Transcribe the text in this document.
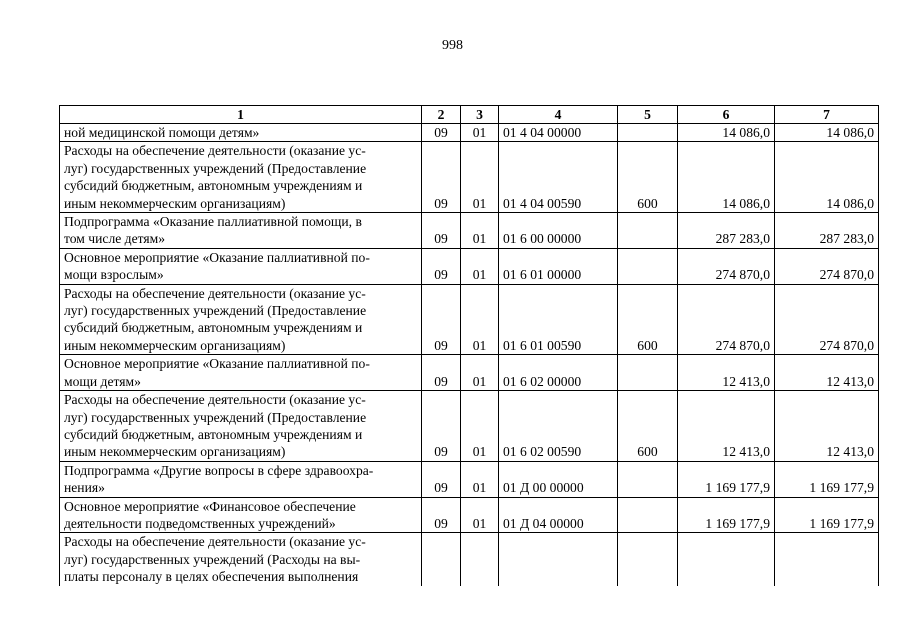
998
1	2	3	4	5	6	7

ной медицинской помощи детям»	09	01	01 4 04 00000		14 086,0	14 086,0

Расходы на обеспечение деятельности (оказание ус-
луг) государственных учреждений (Предоставление
субсидий бюджетным, автономным учреждениям и
иным некоммерческим организациям)	09	01	01 4 04 00590	600	14 086,0	14 086,0

Подпрограмма «Оказание паллиативной помощи, в
том числе детям»	09	01	01 6 00 00000		287 283,0	287 283,0

Основное мероприятие «Оказание паллиативной по-
мощи взрослым»	09	01	01 6 01 00000		274 870,0	274 870,0

Расходы на обеспечение деятельности (оказание ус-
луг) государственных учреждений (Предоставление
субсидий бюджетным, автономным учреждениям и
иным некоммерческим организациям)	09	01	01 6 01 00590	600	274 870,0	274 870,0

Основное мероприятие «Оказание паллиативной по-
мощи детям»	09	01	01 6 02 00000		12 413,0	12 413,0

Расходы на обеспечение деятельности (оказание ус-
луг) государственных учреждений (Предоставление
субсидий бюджетным, автономным учреждениям и
иным некоммерческим организациям)	09	01	01 6 02 00590	600	12 413,0	12 413,0

Подпрограмма «Другие вопросы в сфере здравоохра-
нения»	09	01	01 Д 00 00000		1 169 177,9	1 169 177,9

Основное мероприятие «Финансовое обеспечение
деятельности подведомственных учреждений»	09	01	01 Д 04 00000		1 169 177,9	1 169 177,9

Расходы на обеспечение деятельности (оказание ус-
луг) государственных учреждений (Расходы на вы-
платы персоналу в целях обеспечения выполнения						
